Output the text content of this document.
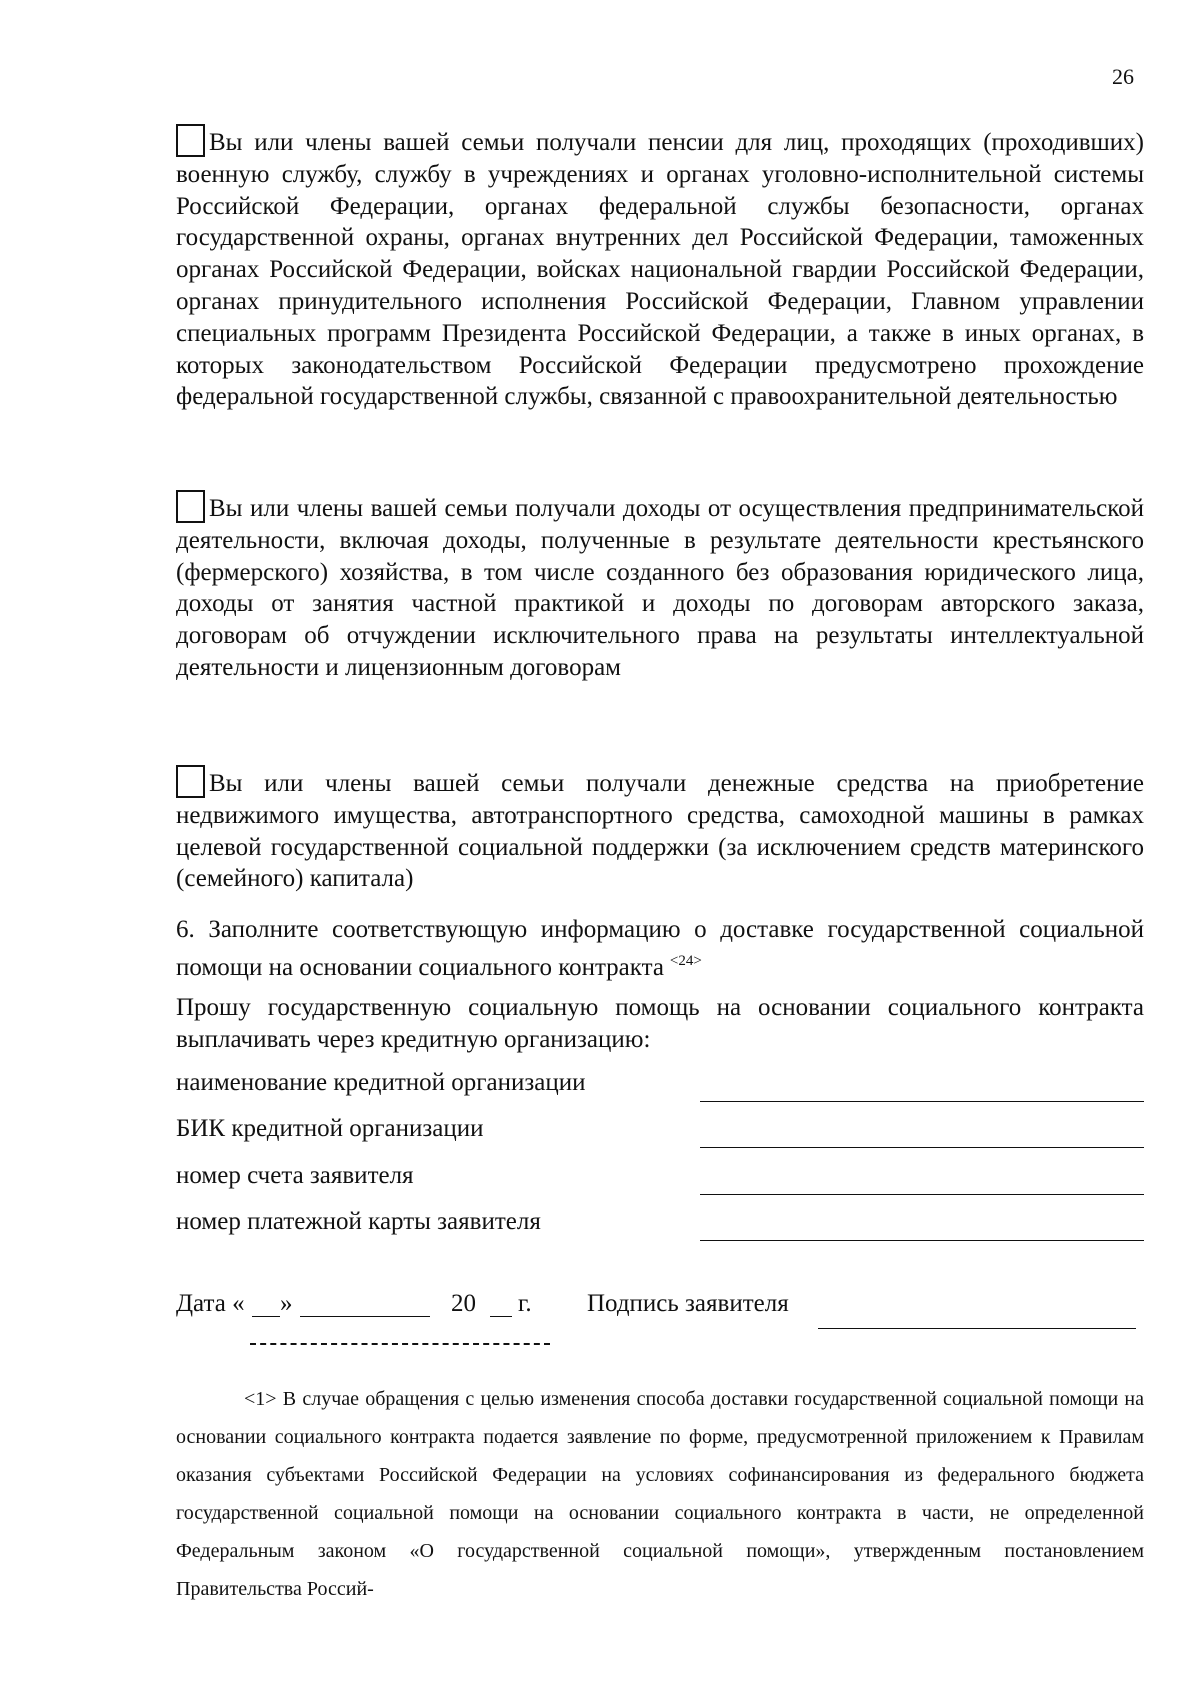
26

Вы или члены вашей семьи получали пенсии для лиц, проходящих (проходивших) военную службу, службу в учреждениях и органах уголовно-исполнительной системы Российской Федерации, органах федеральной службы безопасности, органах государственной охраны, органах внутренних дел Российской Федерации, таможенных органах Российской Федерации, войсках национальной гвардии Российской Федерации, органах принудительного исполнения Российской Федерации, Главном управлении специальных программ Президента Российской Федерации, а также в иных органах, в которых законодательством Российской Федерации предусмотрено прохождение федеральной государственной службы, связанной с правоохранительной деятельностью

Вы или члены вашей семьи получали доходы от осуществления предпринимательской деятельности, включая доходы, полученные в результате деятельности крестьянского (фермерского) хозяйства, в том числе созданного без образования юридического лица, доходы от занятия частной практикой и доходы по договорам авторского заказа, договорам об отчуждении исключительного права на результаты интеллектуальной деятельности и лицензионным договорам

Вы или члены вашей семьи получали денежные средства на приобретение недвижимого имущества, автотранспортного средства, самоходной машины в рамках целевой государственной социальной поддержки (за исключением средств материнского (семейного) капитала)

6. Заполните соответствующую информацию о доставке государственной социальной помощи на основании социального контракта $^{<24>}$

Прошу государственную социальную помощь на основании социального контракта выплачивать через кредитную организацию:

наименование кредитной организации
БИК кредитной организации
номер счета заявителя
номер платежной карты заявителя
Дата « »	20 г. Подпись заявителя

<1> В случае обращения с целью изменения способа доставки государственной социальной помощи на основании социального контракта подается заявление по форме, предусмотренной приложением к Правилам оказания субъектами Российской Федерации на условиях софинансирования из федерального бюджета государственной социальной помощи на основании социального контракта в части, не определенной Федеральным законом «О государственной социальной помощи», утвержденным постановлением Правительства Россий-
